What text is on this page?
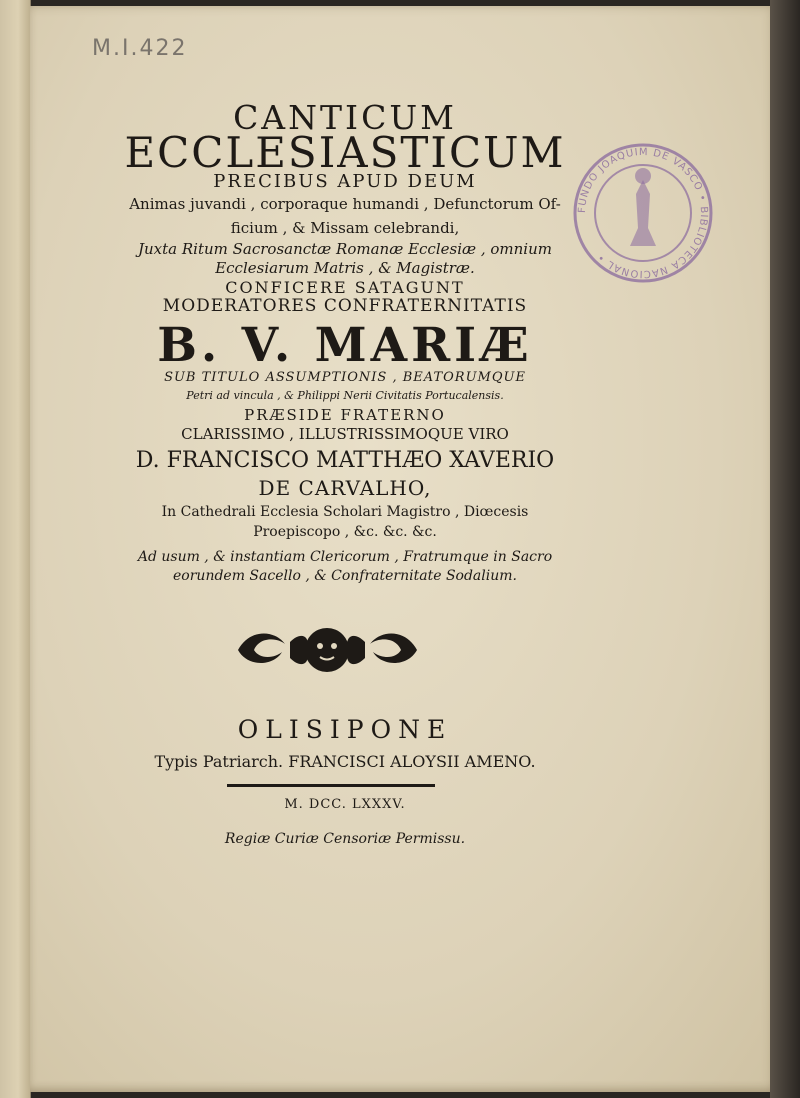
M.I.422
FUNDO JOAQUIM DE VASCO • BIBLIOTECA NACIONAL •
CANTICUM
ECCLESIASTICUM
PRECIBUS APUD DEUM
Animas juvandi , corporaque humandi , Defunctorum Of-
ficium , & Missam celebrandi,
Juxta Ritum Sacrosanctæ Romanæ Ecclesiæ , omnium
Ecclesiarum Matris , & Magistræ.
CONFICERE SATAGUNT
MODERATORES CONFRATERNITATIS
B. V. MARIÆ
SUB TITULO ASSUMPTIONIS , BEATORUMQUE
Petri ad vincula , & Philippi Nerii Civitatis Portucalensis.
PRÆSIDE FRATERNO
CLARISSIMO , ILLUSTRISSIMOQUE VIRO
D. FRANCISCO MATTHÆO XAVERIO
DE CARVALHO,
In Cathedrali Ecclesia Scholari Magistro , Diœcesis
Proepiscopo , &c. &c. &c.
Ad usum , & instantiam Clericorum , Fratrumque in Sacro
eorundem Sacello , & Confraternitate Sodalium.
OLISIPONE
Typis Patriarch. FRANCISCI ALOYSII AMENO.
M. DCC. LXXXV.
Regiæ Curiæ Censoriæ Permissu.
